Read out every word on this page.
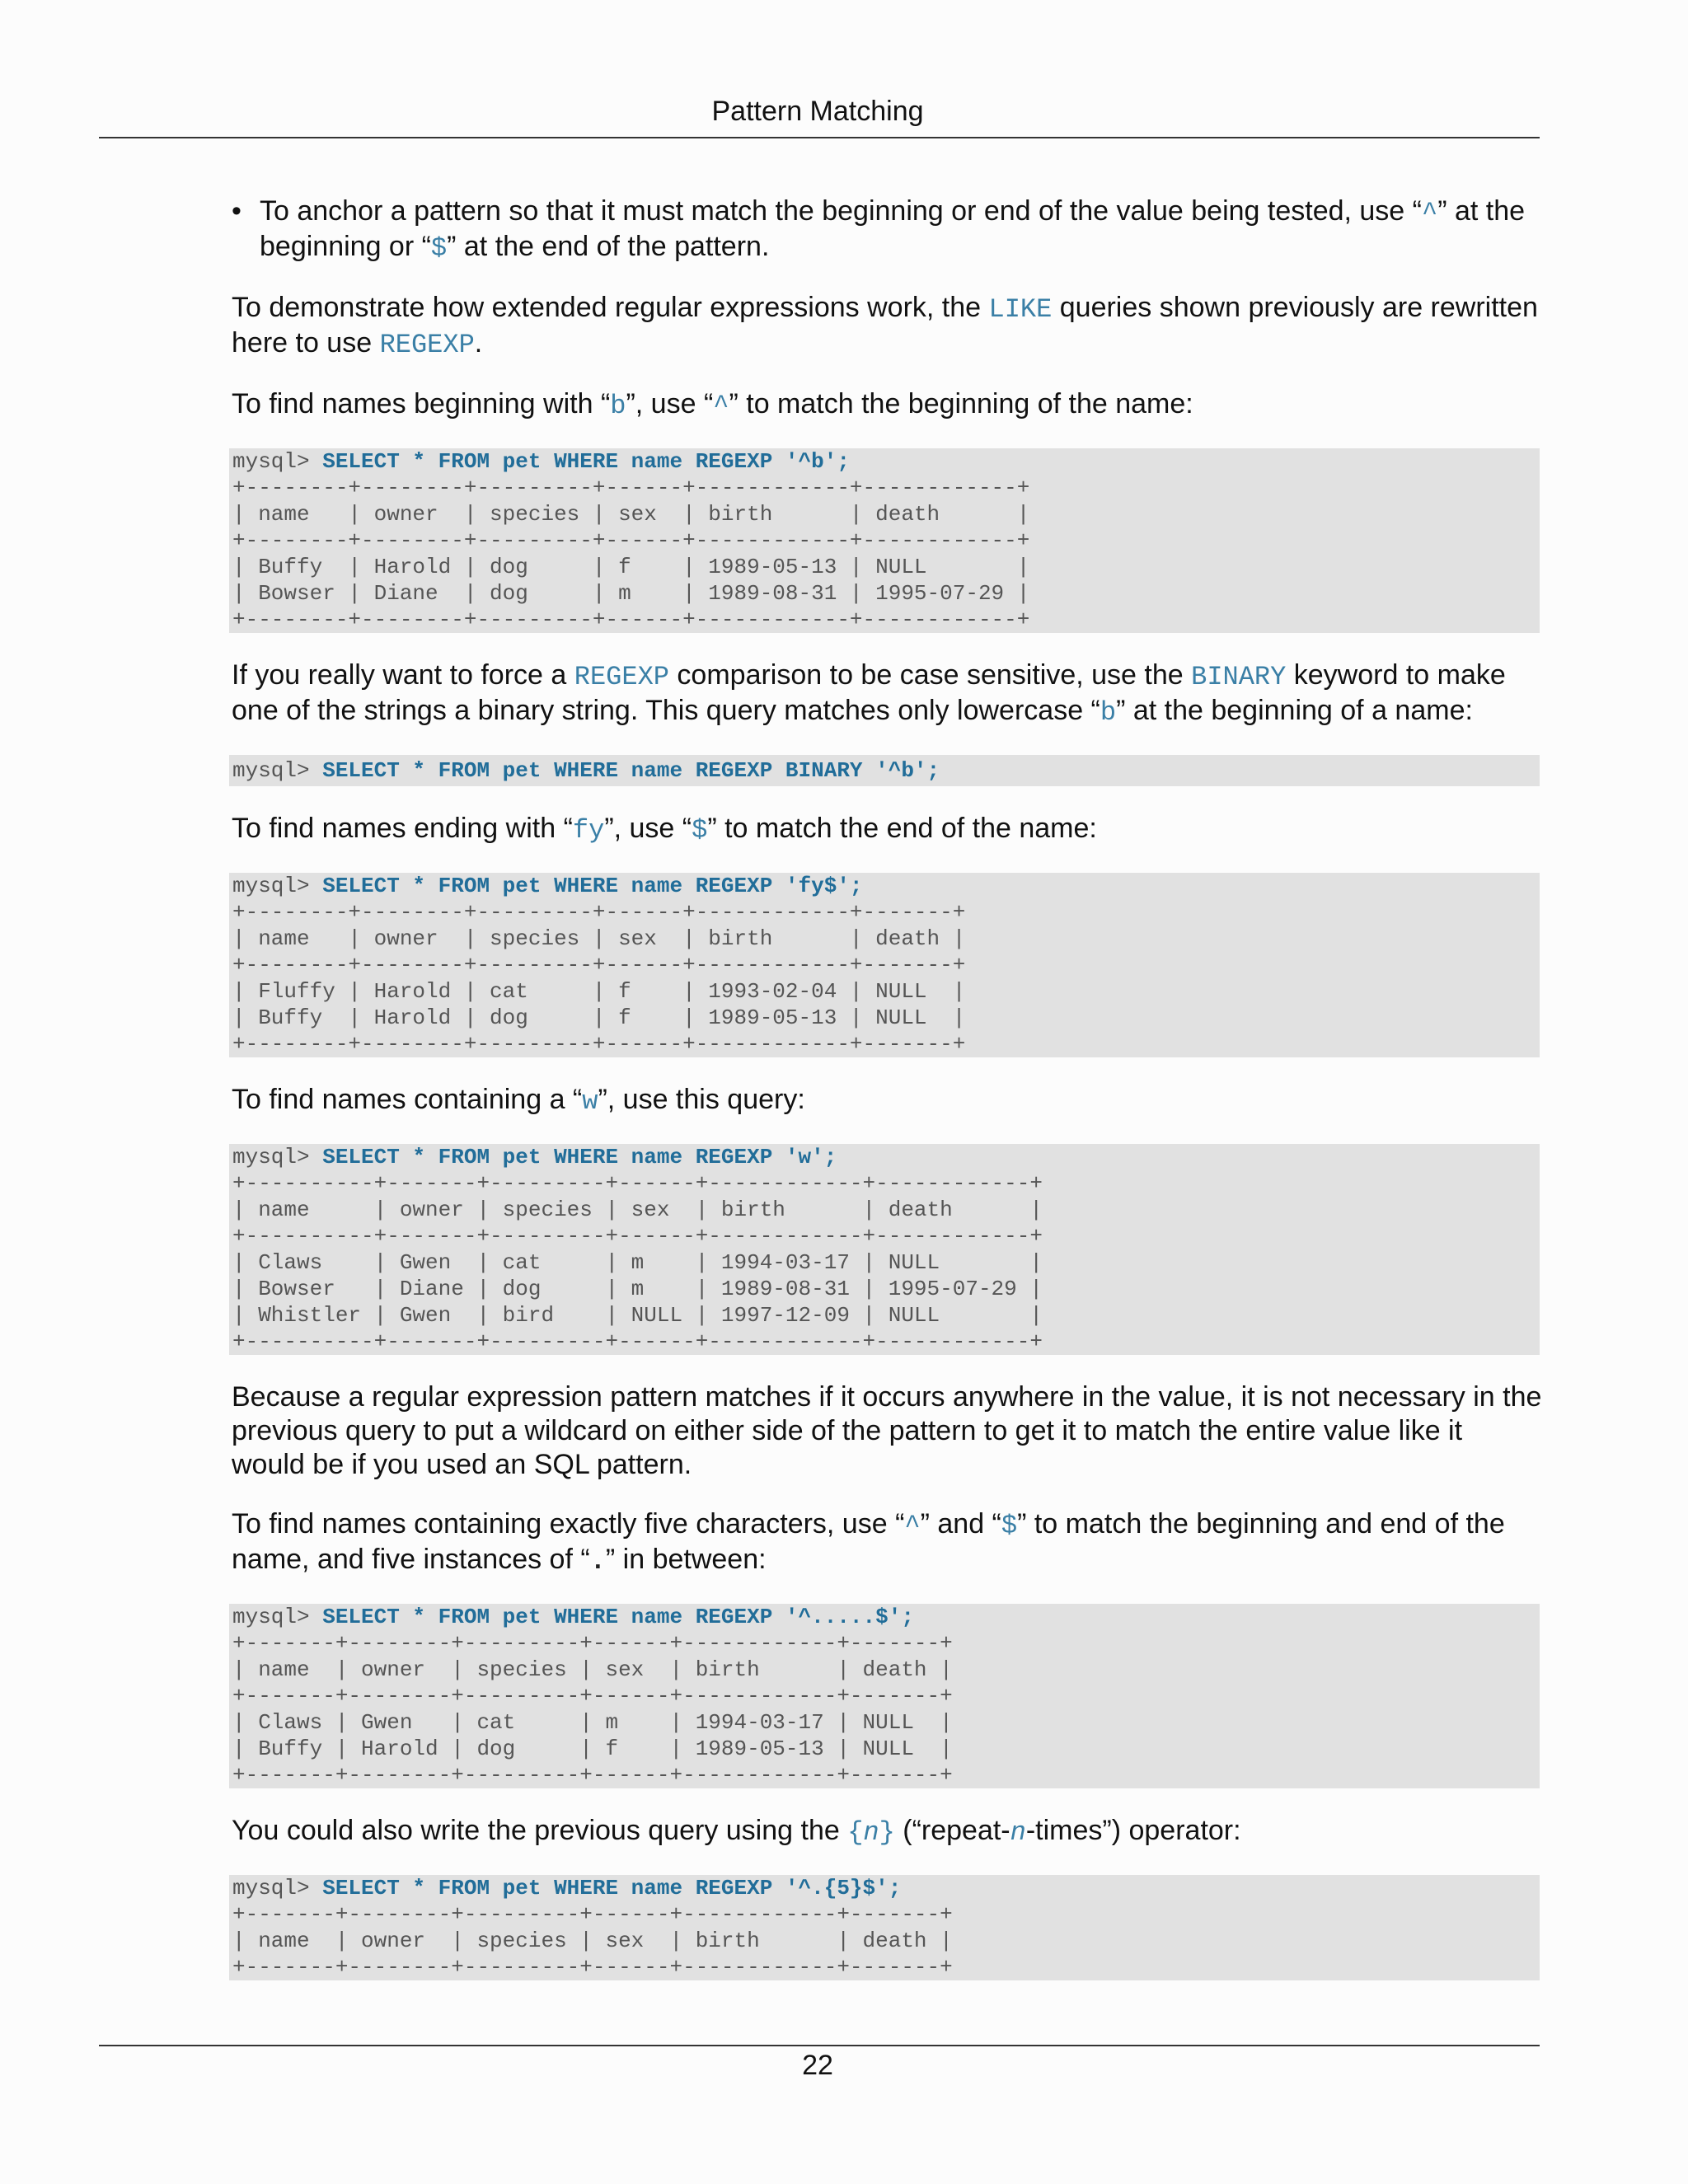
Pattern Matching

• To anchor a pattern so that it must match the beginning or end of the value being tested, use “^” at the beginning or “$” at the end of the pattern.

To demonstrate how extended regular expressions work, the LIKE queries shown previously are rewritten here to use REGEXP.

To find names beginning with “b”, use “^” to match the beginning of the name:

mysql> SELECT * FROM pet WHERE name REGEXP '^b';
+--------+--------+---------+------+------------+------------+
| name   | owner  | species | sex  | birth      | death      |
+--------+--------+---------+------+------------+------------+
| Buffy  | Harold | dog     | f    | 1989-05-13 | NULL       |
| Bowser | Diane  | dog     | m    | 1989-08-31 | 1995-07-29 |
+--------+--------+---------+------+------------+------------+

If you really want to force a REGEXP comparison to be case sensitive, use the BINARY keyword to make one of the strings a binary string. This query matches only lowercase “b” at the beginning of a name:

mysql> SELECT * FROM pet WHERE name REGEXP BINARY '^b';

To find names ending with “fy”, use “$” to match the end of the name:

mysql> SELECT * FROM pet WHERE name REGEXP 'fy$';
+--------+--------+---------+------+------------+-------+
| name   | owner  | species | sex  | birth      | death |
+--------+--------+---------+------+------------+-------+
| Fluffy | Harold | cat     | f    | 1993-02-04 | NULL  |
| Buffy  | Harold | dog     | f    | 1989-05-13 | NULL  |
+--------+--------+---------+------+------------+-------+

To find names containing a “w”, use this query:

mysql> SELECT * FROM pet WHERE name REGEXP 'w';
+----------+-------+---------+------+------------+------------+
| name     | owner | species | sex  | birth      | death      |
+----------+-------+---------+------+------------+------------+
| Claws    | Gwen  | cat     | m    | 1994-03-17 | NULL       |
| Bowser   | Diane | dog     | m    | 1989-08-31 | 1995-07-29 |
| Whistler | Gwen  | bird    | NULL | 1997-12-09 | NULL       |
+----------+-------+---------+------+------------+------------+

Because a regular expression pattern matches if it occurs anywhere in the value, it is not necessary in the previous query to put a wildcard on either side of the pattern to get it to match the entire value like it would be if you used an SQL pattern.

To find names containing exactly five characters, use “^” and “$” to match the beginning and end of the name, and five instances of “.” in between:

mysql> SELECT * FROM pet WHERE name REGEXP '^.....$';
+-------+--------+---------+------+------------+-------+
| name  | owner  | species | sex  | birth      | death |
+-------+--------+---------+------+------------+-------+
| Claws | Gwen   | cat     | m    | 1994-03-17 | NULL  |
| Buffy | Harold | dog     | f    | 1989-05-13 | NULL  |
+-------+--------+---------+------+------------+-------+

You could also write the previous query using the {n} (“repeat-n-times”) operator:

mysql> SELECT * FROM pet WHERE name REGEXP '^.{5}$';
+-------+--------+---------+------+------------+-------+
| name  | owner  | species | sex  | birth      | death |
+-------+--------+---------+------+------------+-------+
22
